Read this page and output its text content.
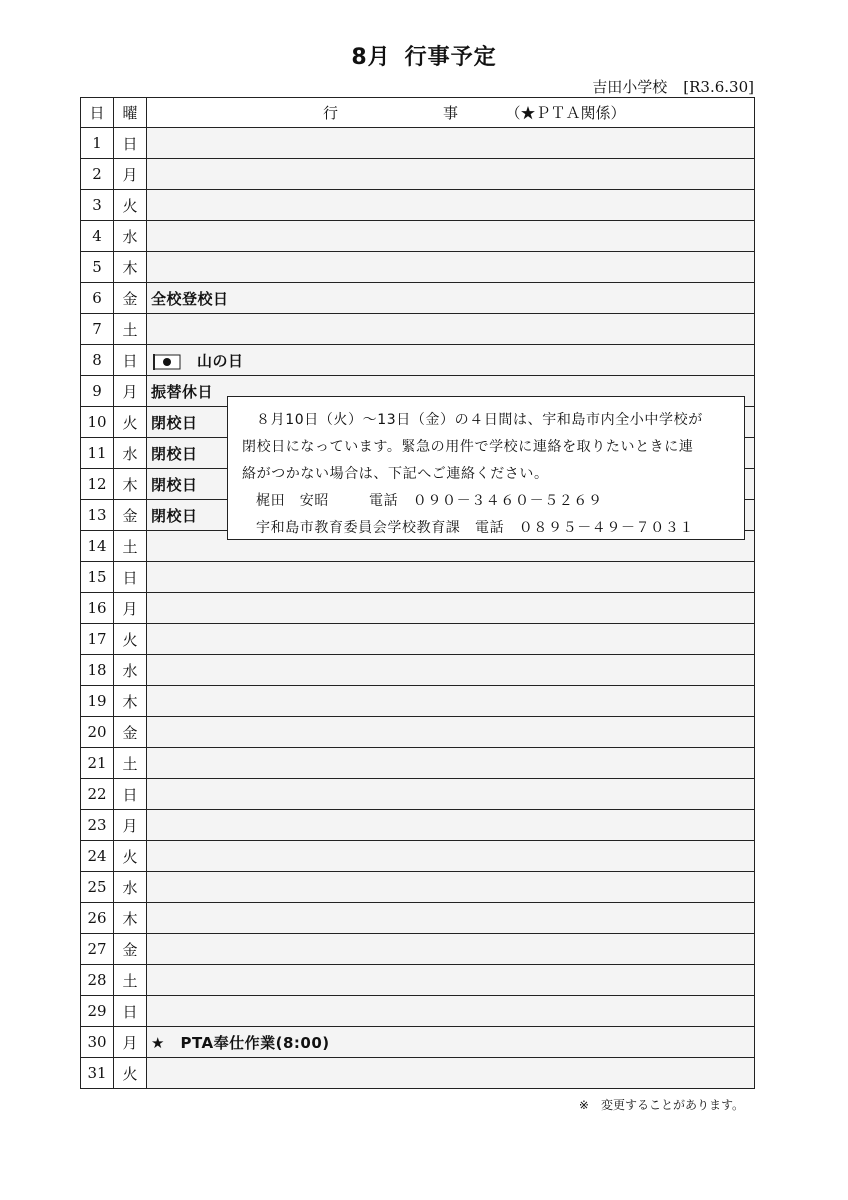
8月 行事予定
吉田小学校 [R3.6.30]
日	曜	行 事 （★ＰＴＡ関係）
1	日	
2	月	
3	火	
4	水	
5	木	
6	金	全校登校日
7	土	
8	日	山の日
9	月	振替休日
10	火	閉校日
11	水	閉校日
12	木	閉校日
13	金	閉校日
14	土	
15	日	
16	月	
17	火	
18	水	
19	木	
20	金	
21	土	
22	日	
23	月	
24	火	
25	水	
26	木	
27	金	
28	土	
29	日	
30	月	★　PTA奉仕作業(8:00)
31	火	

８月10日（火）～13日（金）の４日間は、宇和島市内全小中学校が

閉校日になっています。緊急の用件で学校に連絡を取りたいときに連

絡がつかない場合は、下記へご連絡ください。

梶田　安昭	電話　０９０－３４６０－５２６９

宇和島市教育委員会学校教育課　電話　０８９５－４９－７０３１

※ 変更することがあります。
